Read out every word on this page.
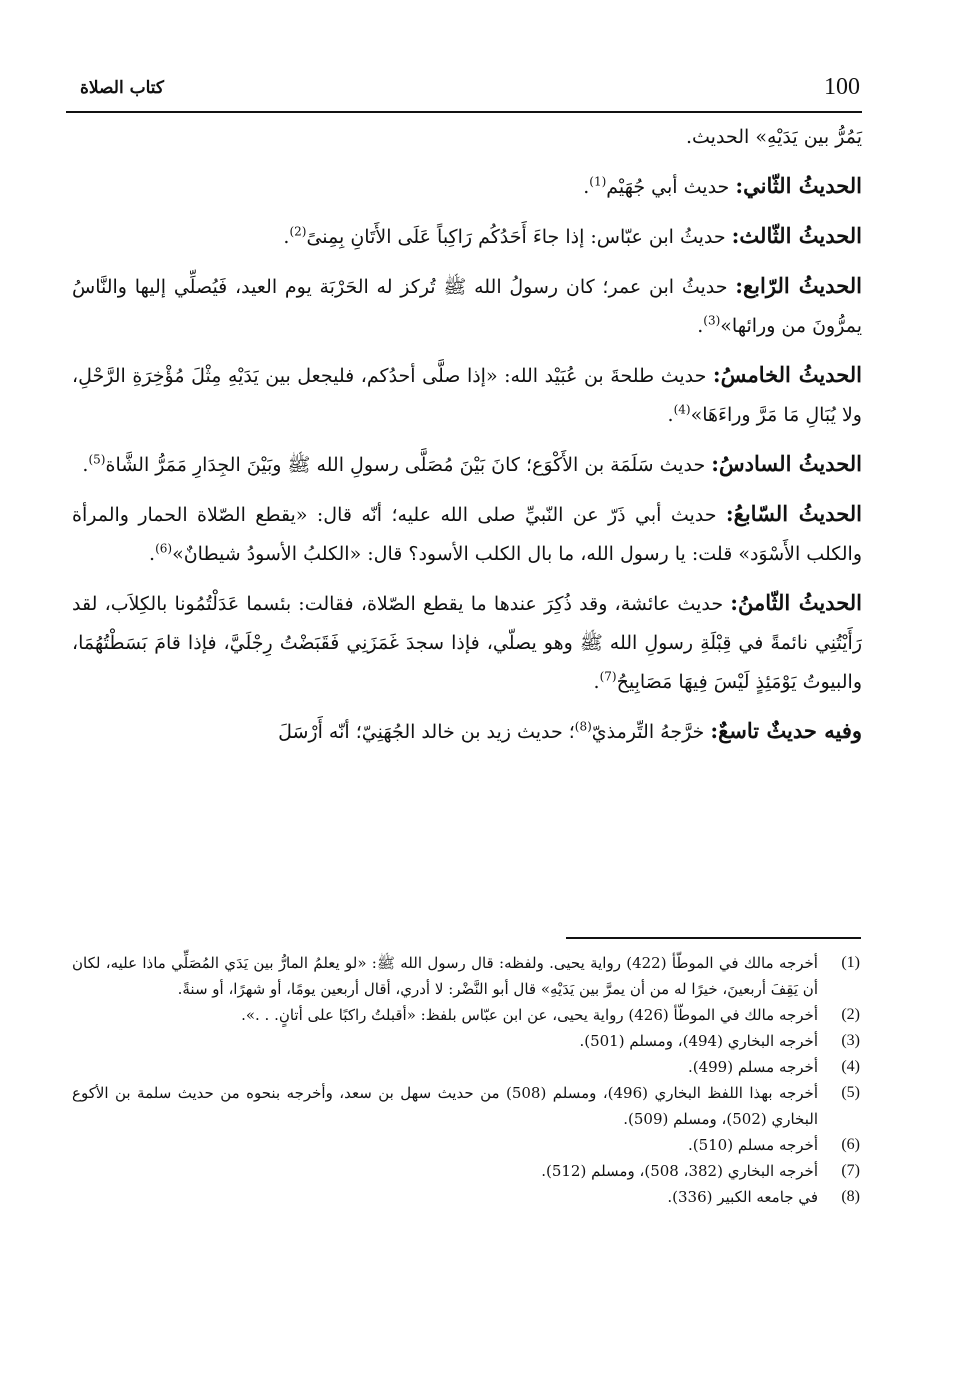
100
كتاب الصلاة

يَمُرُّ بين يَدَيْهِ» الحديث.

الحديثُ الثّاني: حديث أبي جُهَيْم$^{(1)}$.

الحديثُ الثّالث: حديثُ ابن عبّاس: إذا جاءَ أَحَدُكُم رَاكِباً عَلَى الأَتَانِ بِمِنىً$^{(2)}$.

الحديثُ الرّابع: حديثُ ابن عمر؛ كان رسولُ الله ﷺ تُركز له الحَرْبَة يوم العيد، فَيُصلِّي إليها والنَّاسُ يمرُّونَ من ورائها»$^{(3)}$.

الحديثُ الخامسُ: حديث طلحةَ بن عُبَيْد الله: «إذا صلَّى أحدُكم، فليجعل بين يَدَيْهِ مِثْلَ مُؤْخِرَةِ الرَّحْلِ، ولا يُبَالِ مَا مَرَّ وراءَهَا»$^{(4)}$.

الحديثُ السادسُ: حديث سَلَمَة بن الأَكْوَع؛ كانَ بَيْنَ مُصَلَّى رسولِ الله ﷺ وبَيْنَ الجِدَارِ مَمَرُّ الشَّاة$^{(5)}$.

الحديثُ السّابعُ: حديث أبي ذَرّ عن النّبيِّ صلى الله عليه؛ أنّه قال: «يقطع الصّلاة الحمار والمرأة والكلب الأَسْوَد» قلت: يا رسول الله، ما بال الكلب الأسود؟ قال: «الكلبُ الأسودُ شيطانٌ»$^{(6)}$.

الحديثُ الثّامنُ: حديث عائشة، وقد ذُكِرَ عندها ما يقطع الصّلاة، فقالت: بئسما عَدَلْتُمُونا بالكِلاَب، لقد رَأَيْتُنِي نائمةً في قِبْلَةِ رسولِ الله ﷺ وهو يصلّي، فإذا سجدَ غَمَزَنِي فَقَبَضْتُ رِجْلَيَّ، فإذا قامَ بَسَطْتُهُمَا، والبيوتُ يَوْمَئِذٍ لَيْسَ فِيهَا مَصَابِيحُ$^{(7)}$.

وفيه حديثٌ تاسعٌ: خرَّجهُ التِّرمذيّ$^{(8)}$؛ حديث زيد بن خالد الجُهَنِيّ؛ أنّه أَرْسَلَ

(1)
أخرجه مالك في الموطّأ (422) رواية يحيى. ولفظه: قال رسول الله ﷺ: «لو يعلمُ المارُّ بين يَدَي المُصَلِّي ماذا عليه، لكان أن يَقِفَ أربعينَ، خيرًا له من أن يمرَّ بين يَدَيْهِ» قال أبو النَّضْر: لا أدري، أقال أربعين يومًا، أو شهرًا، أو سنةً.
(2)
أخرجه مالك في الموطّأ (426) رواية يحيى، عن ابن عبّاس بلفظ: «أقبلتُ راكبًا على أتانٍ. . .».
(3)
أخرجه البخاري (494)، ومسلم (501).
(4)
أخرجه مسلم (499).
(5)
أخرجه بهذا اللفظ البخاري (496)، ومسلم (508) من حديث سهل بن سعد، وأخرجه بنحوه من حديث سلمة بن الأكوع البخاري (502)، ومسلم (509).
(6)
أخرجه مسلم (510).
(7)
أخرجه البخاري (382، 508)، ومسلم (512).
(8)
في جامعه الكبير (336).
